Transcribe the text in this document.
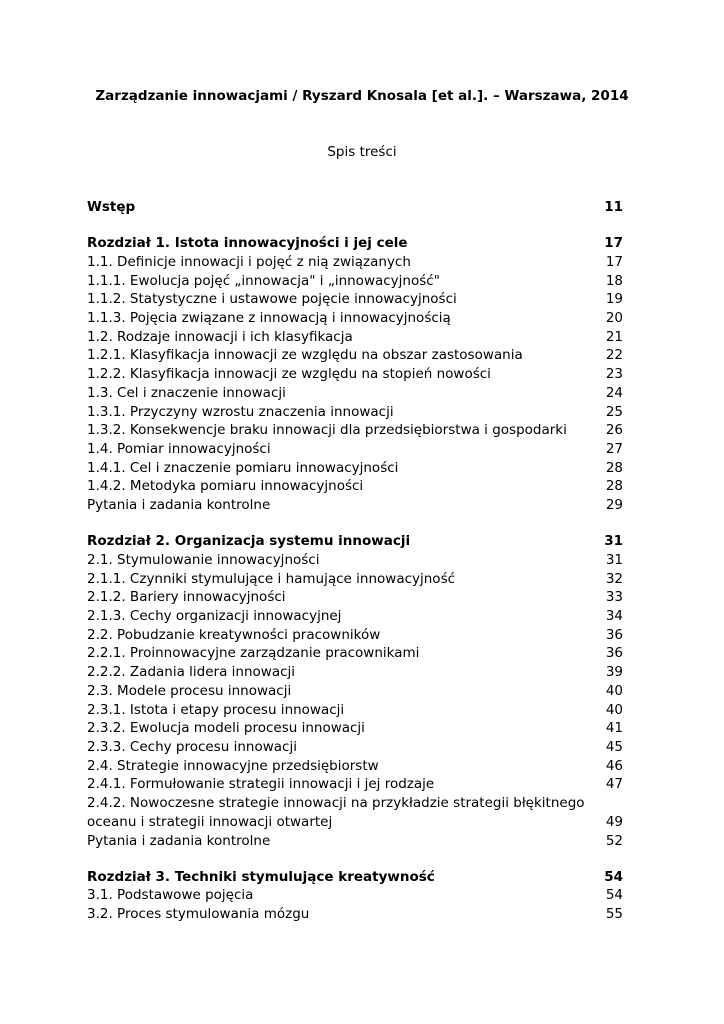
Zarządzanie innowacjami / Ryszard Knosala [et al.]. – Warszawa, 2014
Spis treści
Wstęp	11
Rozdział 1. Istota innowacyjności i jej cele	17
1.1. Definicje innowacji i pojęć z nią związanych	17
1.1.1. Ewolucja pojęć „innowacja" i „innowacyjność"	18
1.1.2. Statystyczne i ustawowe pojęcie innowacyjności	19
1.1.3. Pojęcia związane z innowacją i innowacyjnością	20
1.2. Rodzaje innowacji i ich klasyfikacja	21
1.2.1. Klasyfikacja innowacji ze względu na obszar zastosowania	22
1.2.2. Klasyfikacja innowacji ze względu na stopień nowości	23
1.3. Cel i znaczenie innowacji	24
1.3.1. Przyczyny wzrostu znaczenia innowacji	25
1.3.2. Konsekwencje braku innowacji dla przedsiębiorstwa i gospodarki	26
1.4. Pomiar innowacyjności	27
1.4.1. Cel i znaczenie pomiaru innowacyjności	28
1.4.2. Metodyka pomiaru innowacyjności	28
Pytania i zadania kontrolne	29
Rozdział 2. Organizacja systemu innowacji	31
2.1. Stymulowanie innowacyjności	31
2.1.1. Czynniki stymulujące i hamujące innowacyjność	32
2.1.2. Bariery innowacyjności	33
2.1.3. Cechy organizacji innowacyjnej	34
2.2. Pobudzanie kreatywności pracowników	36
2.2.1. Proinnowacyjne zarządzanie pracownikami	36
2.2.2. Zadania lidera innowacji	39
2.3. Modele procesu innowacji	40
2.3.1. Istota i etapy procesu innowacji	40
2.3.2. Ewolucja modeli procesu innowacji	41
2.3.3. Cechy procesu innowacji	45
2.4. Strategie innowacyjne przedsiębiorstw	46
2.4.1. Formułowanie strategii innowacji i jej rodzaje	47
2.4.2. Nowoczesne strategie innowacji na przykładzie strategii błękitnego
oceanu i strategii innowacji otwartej	49
Pytania i zadania kontrolne	52
Rozdział 3. Techniki stymulujące kreatywność	54
3.1. Podstawowe pojęcia	54
3.2. Proces stymulowania mózgu	55
